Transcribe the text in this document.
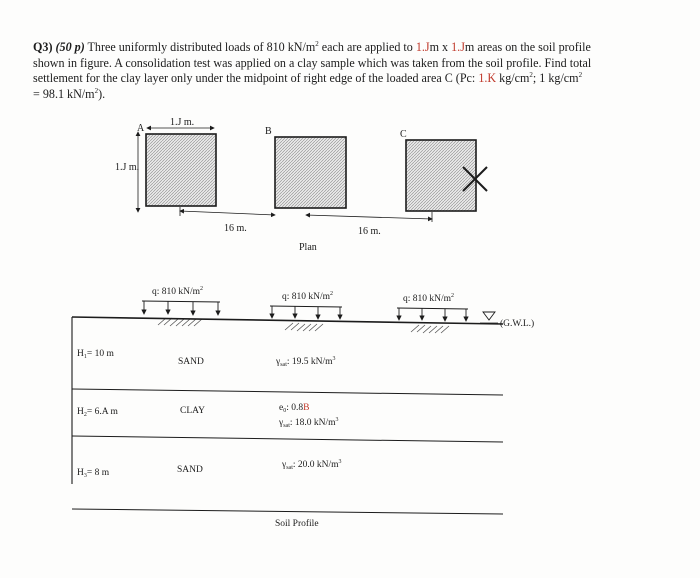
Q3) (50 p) Three uniformly distributed loads of 810 $kN/m^2$ each are applied to 1.Jm x 1.Jm areas on the soil profile

shown in figure. A consolidation test was applied on a clay sample which was taken from the soil profile. Find total

settlement for the clay layer only under the midpoint of right edge of the loaded area C (Pc: 1.K $kg/cm^2$; 1 $kg/cm^2$

= 98.1 $kN/m^2$).

A
1.J m.
1.J m.
B	C
16 m.	16 m.
Plan
q: 810 $kN/m^2$
q: 810 $kN/m^2$	q: 810 $kN/m^2$
(G.W.L.)
$H_1= 10$ m
$H_2= 6.A$ m
$H_3= 8$ m
SAND
CLAY
SAND
$\gamma_{sat}$: 19.5 $kN/m^3$
$e_0$: 0.8B
$\gamma_{sat}$: 18.0 $kN/m^3$
$\gamma_{sat}$: 20.0 $kN/m^3$
Soil Profile
